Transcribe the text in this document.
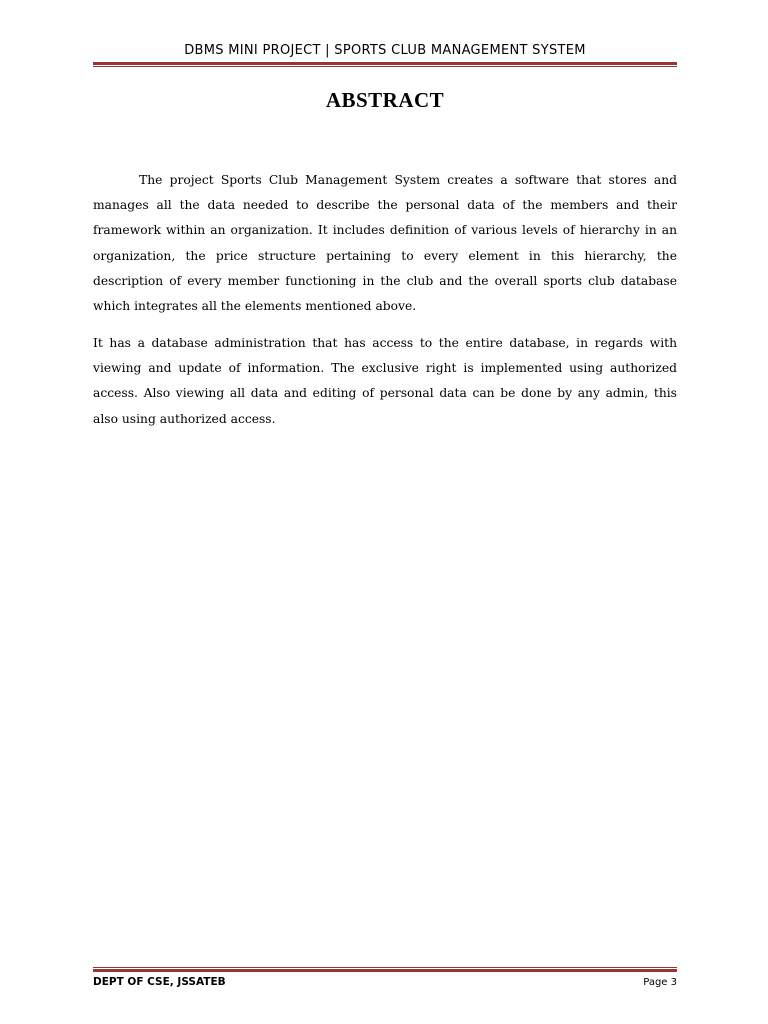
DBMS MINI PROJECT | SPORTS CLUB MANAGEMENT SYSTEM
ABSTRACT

The project Sports Club Management System creates a software that stores and manages all the data needed to describe the personal data of the members and their framework within an organization. It includes definition of various levels of hierarchy in an organization, the price structure pertaining to every element in this hierarchy, the description of every member functioning in the club and the overall sports club database which integrates all the elements mentioned above.

It has a database administration that has access to the entire database, in regards with viewing and update of information. The exclusive right is implemented using authorized access. Also viewing all data and editing of personal data can be done by any admin, this also using authorized access.

DEPT OF CSE, JSSATEB	Page 3
